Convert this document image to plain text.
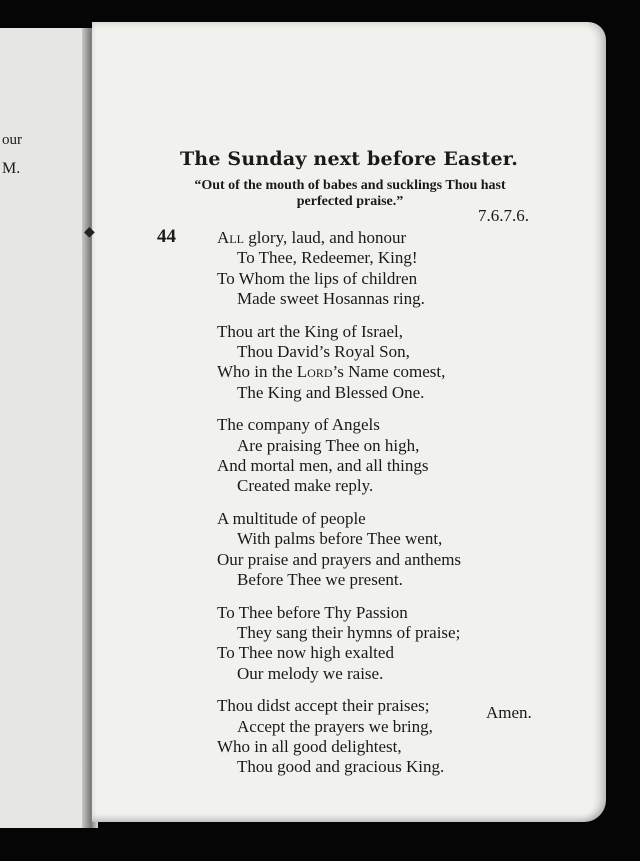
our
M.
◆
The Sunday next before Easter.
“Out of the mouth of babes and sucklings Thou hast
perfected praise.”
7.6.7.6.
44 All glory, laud, and honour
To Thee, Redeemer, King!
To Whom the lips of children
Made sweet Hosannas ring.
Thou art the King of Israel,
Thou David’s Royal Son,
Who in the Lord’s Name comest,
The King and Blessed One.
The company of Angels
Are praising Thee on high,
And mortal men, and all things
Created make reply.
A multitude of people
With palms before Thee went,
Our praise and prayers and anthems
Before Thee we present.
To Thee before Thy Passion
They sang their hymns of praise;
To Thee now high exalted
Our melody we raise.
Thou didst accept their praises;
Accept the prayers we bring,
Who in all good delightest,
Thou good and gracious King.
Amen.
